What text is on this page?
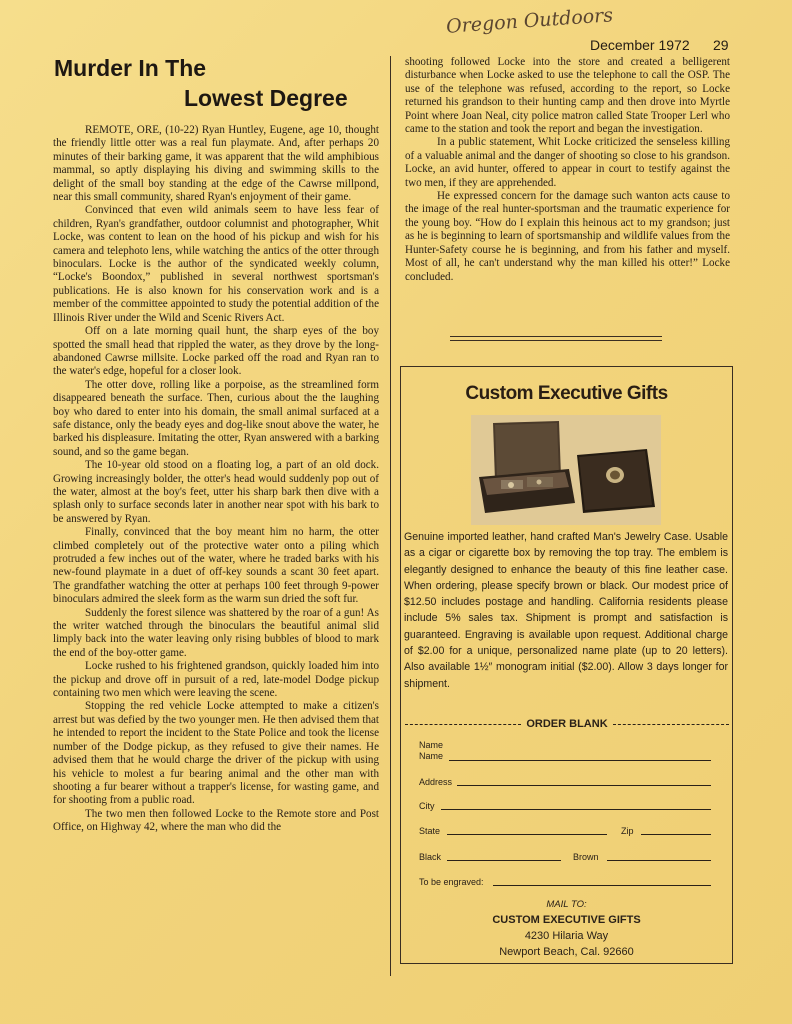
Oregon Outdoors
December 1972 29
Murder In The
Lowest Degree

REMOTE, ORE, (10-22) Ryan Huntley, Eugene, age 10, thought the friendly little otter was a real fun playmate. And, after perhaps 20 minutes of their barking game, it was apparent that the wild amphibious mammal, so aptly displaying his diving and swimming skills to the delight of the small boy standing at the edge of the Cawrse millpond, near this small community, shared Ryan's enjoyment of their game.

Convinced that even wild animals seem to have less fear of children, Ryan's grandfather, outdoor columnist and photographer, Whit Locke, was content to lean on the hood of his pickup and wish for his camera and telephoto lens, while watching the antics of the otter through binoculars. Locke is the author of the syndicated weekly column, “Locke's Boondox,” published in several northwest sportsman's publications. He is also known for his conservation work and is a member of the committee appointed to study the potential addition of the Illinois River under the Wild and Scenic Rivers Act.

Off on a late morning quail hunt, the sharp eyes of the boy spotted the small head that rippled the water, as they drove by the long-abandoned Cawrse millsite. Locke parked off the road and Ryan ran to the water's edge, hopeful for a closer look.

The otter dove, rolling like a porpoise, as the streamlined form disappeared beneath the surface. Then, curious about the the laughing boy who dared to enter into his domain, the small animal surfaced at a safe distance, only the beady eyes and dog-like snout above the water, he barked his displeasure. Imitating the otter, Ryan answered with a barking sound, and so the game began.

The 10-year old stood on a floating log, a part of an old dock. Growing increasingly bolder, the otter's head would suddenly pop out of the water, almost at the boy's feet, utter his sharp bark then dive with a splash only to surface seconds later in another near spot with his bark to be answered by Ryan.

Finally, convinced that the boy meant him no harm, the otter climbed completely out of the protective water onto a piling which protruded a few inches out of the water, where he traded barks with his new-found playmate in a duet of off-key sounds a scant 30 feet apart. The grandfather watching the otter at perhaps 100 feet through 9-power binoculars admired the sleek form as the warm sun dried the soft fur.

Suddenly the forest silence was shattered by the roar of a gun! As the writer watched through the binoculars the beautiful animal slid limply back into the water leaving only rising bubbles of blood to mark the end of the boy-otter game.

Locke rushed to his frightened grandson, quickly loaded him into the pickup and drove off in pursuit of a red, late-model Dodge pickup containing two men which were leaving the scene.

Stopping the red vehicle Locke attempted to make a citizen's arrest but was defied by the two younger men. He then advised them that he intended to report the incident to the State Police and took the license number of the Dodge pickup, as they refused to give their names. He advised them that he would charge the driver of the pickup with using his vehicle to molest a fur bearing animal and the other man with shooting a fur bearer without a trapper's license, for wasting game, and for shooting from a public road.

The two men then followed Locke to the Remote store and Post Office, on Highway 42, where the man who did the

shooting followed Locke into the store and created a belligerent disturbance when Locke asked to use the telephone to call the OSP. The use of the telephone was refused, according to the report, so Locke returned his grandson to their hunting camp and then drove into Myrtle Point where Joan Neal, city police matron called State Trooper Lerl who came to the station and took the report and began the investigation.

In a public statement, Whit Locke criticized the senseless killing of a valuable animal and the danger of shooting so close to his grandson. Locke, an avid hunter, offered to appear in court to testify against the two men, if they are apprehended.

He expressed concern for the damage such wanton acts cause to the image of the real hunter-sportsman and the traumatic experience for the young boy. “How do I explain this heinous act to my grandson; just as he is beginning to learn of sportsmanship and wildlife values from the Hunter-Safety course he is beginning, and from his father and myself. Most of all, he can't understand why the man killed his otter!” Locke concluded.

Custom Executive Gifts
Genuine imported leather, hand crafted Man's Jewelry Case. Usable as a cigar or cigarette box by removing the top tray. The emblem is elegantly designed to enhance the beauty of this fine leather case. When ordering, please specify brown or black. Our modest price of $12.50 includes postage and handling. California residents please include 5% sales tax. Shipment is prompt and satisfaction is guaranteed. Engraving is available upon request. Additional charge of $2.00 for a unique, personalized name plate (up to 20 letters). Also available 1½″ monogram initial ($2.00). Allow 3 days longer for shipment.
ORDER BLANK
Name
Name
Address
City
State	Zip
Black	Brown
To be engraved:
MAIL TO:
CUSTOM EXECUTIVE GIFTS
4230 Hilaria Way
Newport Beach, Cal. 92660
